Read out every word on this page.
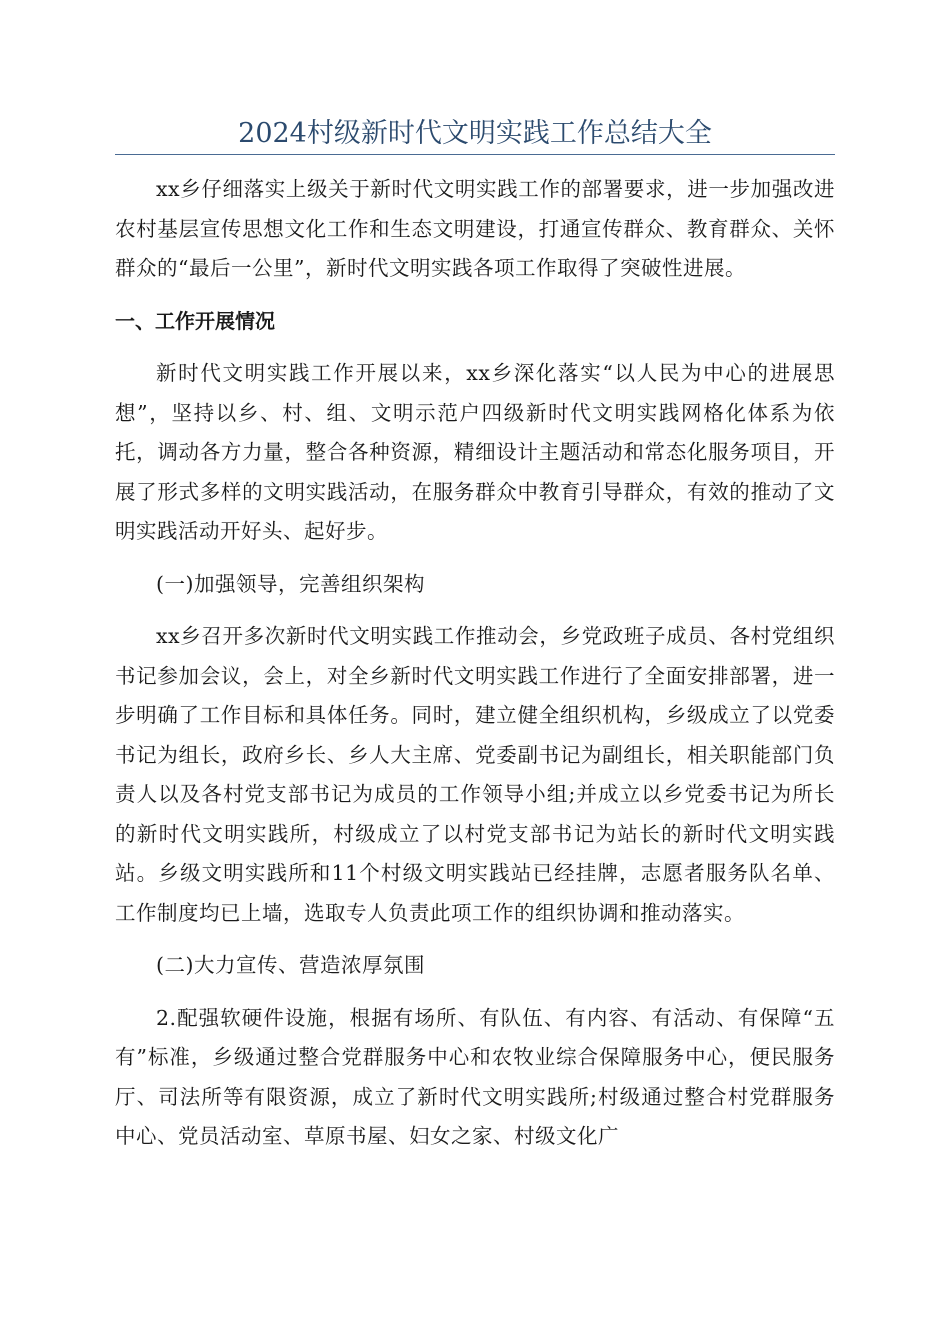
2024村级新时代文明实践工作总结大全

xx乡仔细落实上级关于新时代文明实践工作的部署要求，进一步加强改进农村基层宣传思想文化工作和生态文明建设，打通宣传群众、教育群众、关怀群众的“最后一公里”，新时代文明实践各项工作取得了突破性进展。

一、工作开展情况

新时代文明实践工作开展以来，xx乡深化落实“以人民为中心的进展思想”，坚持以乡、村、组、文明示范户四级新时代文明实践网格化体系为依托，调动各方力量，整合各种资源，精细设计主题活动和常态化服务项目，开展了形式多样的文明实践活动，在服务群众中教育引导群众，有效的推动了文明实践活动开好头、起好步。

(一)加强领导，完善组织架构

xx乡召开多次新时代文明实践工作推动会，乡党政班子成员、各村党组织书记参加会议，会上，对全乡新时代文明实践工作进行了全面安排部署，进一步明确了工作目标和具体任务。同时，建立健全组织机构，乡级成立了以党委书记为组长，政府乡长、乡人大主席、党委副书记为副组长，相关职能部门负责人以及各村党支部书记为成员的工作领导小组;并成立以乡党委书记为所长的新时代文明实践所，村级成立了以村党支部书记为站长的新时代文明实践站。乡级文明实践所和11个村级文明实践站已经挂牌，志愿者服务队名单、工作制度均已上墙，选取专人负责此项工作的组织协调和推动落实。

(二)大力宣传、营造浓厚氛围

2.配强软硬件设施，根据有场所、有队伍、有内容、有活动、有保障“五有”标准，乡级通过整合党群服务中心和农牧业综合保障服务中心，便民服务厅、司法所等有限资源，成立了新时代文明实践所;村级通过整合村党群服务中心、党员活动室、草原书屋、妇女之家、村级文化广
